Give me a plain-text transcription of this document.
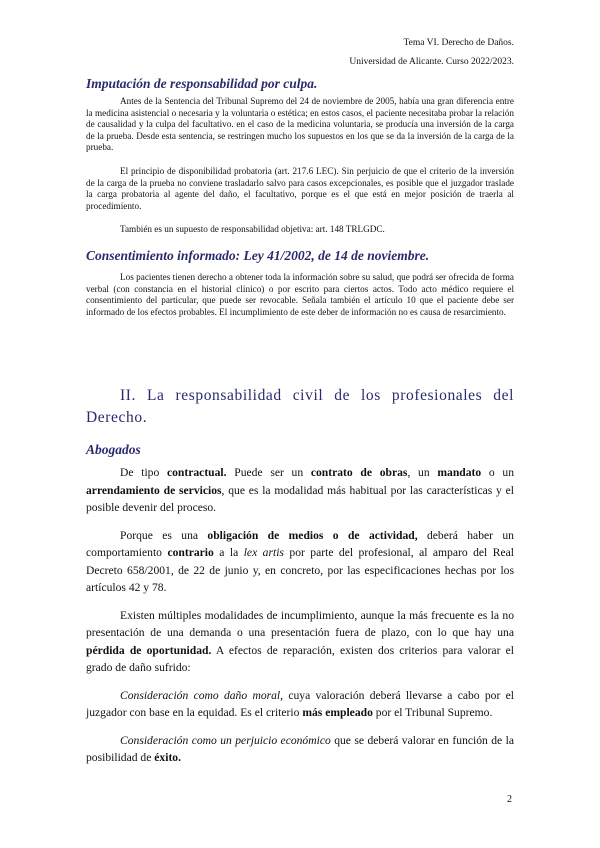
Tema VI. Derecho de Daños.
Universidad de Alicante. Curso 2022/2023.

Imputación de responsabilidad por culpa.

Antes de la Sentencia del Tribunal Supremo del 24 de noviembre de 2005, había una gran diferencia entre la medicina asistencial o necesaria y la voluntaria o estética; en estos casos, el paciente necesitaba probar la relación de causalidad y la culpa del facultativo. en el caso de la medicina voluntaria, se producía una inversión de la carga de la prueba. Desde esta sentencia, se restringen mucho los supuestos en los que se da la inversión de la carga de la prueba.

El principio de disponibilidad probatoria (art. 217.6 LEC). Sin perjuicio de que el criterio de la inversión de la carga de la prueba no conviene trasladarlo salvo para casos excepcionales, es posible que el juzgador traslade la carga probatoria al agente del daño, el facultativo, porque es el que está en mejor posición de traerla al procedimiento.

También es un supuesto de responsabilidad objetiva: art. 148 TRLGDC.

Consentimiento informado: Ley 41/2002, de 14 de noviembre.

Los pacientes tienen derecho a obtener toda la información sobre su salud, que podrá ser ofrecida de forma verbal (con constancia en el historial clínico) o por escrito para ciertos actos. Todo acto médico requiere el consentimiento del particular, que puede ser revocable. Señala también el artículo 10 que el paciente debe ser informado de los efectos probables. El incumplimiento de este deber de información no es causa de resarcimiento.

II. La responsabilidad civil de los profesionales del Derecho.

Abogados

De tipo contractual. Puede ser un contrato de obras, un mandato o un arrendamiento de servicios, que es la modalidad más habitual por las características y el posible devenir del proceso.

Porque es una obligación de medios o de actividad, deberá haber un comportamiento contrario a la lex artis por parte del profesional, al amparo del Real Decreto 658/2001, de 22 de junio y, en concreto, por las especificaciones hechas por los artículos 42 y 78.

Existen múltiples modalidades de incumplimiento, aunque la más frecuente es la no presentación de una demanda o una presentación fuera de plazo, con lo que hay una pérdida de oportunidad. A efectos de reparación, existen dos criterios para valorar el grado de daño sufrido:

Consideración como daño moral, cuya valoración deberá llevarse a cabo por el juzgador con base en la equidad. Es el criterio más empleado por el Tribunal Supremo.

Consideración como un perjuicio económico que se deberá valorar en función de la posibilidad de éxito.

2
